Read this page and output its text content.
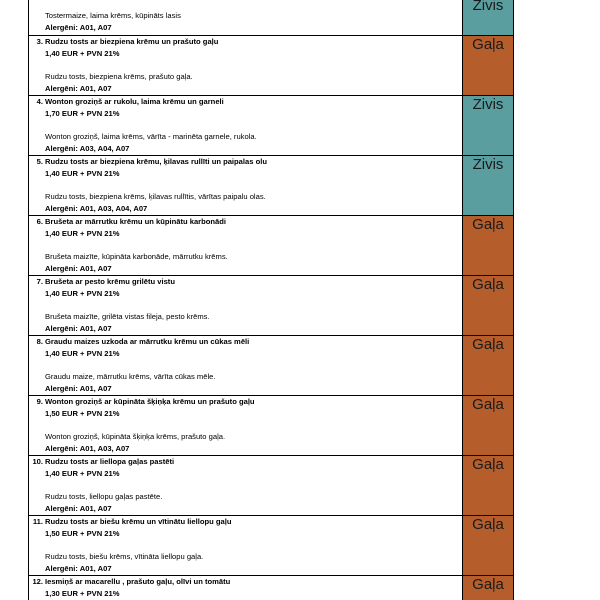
Tostermaize, laima krēms, kūpināts lasis
Alergēni: A01, A07	Zivis

3. Rudzu tosts ar biezpiena krēmu un prašuto gaļu
1,40 EUR + PVN 21%
Rudzu tosts, biezpiena krēms, prašuto gaļa.
Alergēni: A01, A07	Gaļa

4. Wonton groziņš ar rukolu, laima krēmu un garneli
1,70 EUR + PVN 21%
Wonton groziņš, laima krēms, vārīta - marinēta garnele, rukola.
Alergēni: A03, A04, A07	Zivis

5. Rudzu tosts ar biezpiena krēmu, ķilavas rullīti un paipalas olu
1,40 EUR + PVN 21%
Rudzu tosts, biezpiena krēms, ķilavas rullītis, vārītas paipalu olas.
Alergēni: A01, A03, A04, A07	Zivis

6. Brušeta ar mārrutku krēmu un kūpinātu karbonādi
1,40 EUR + PVN 21%
Brušeta maizīte, kūpināta karbonāde, mārrutku krēms.
Alergēni: A01, A07	Gaļa

7. Brušeta ar pesto krēmu grilētu vistu
1,40 EUR + PVN 21%
Brušeta maizīte, grilēta vistas fileja, pesto krēms.
Alergēni: A01, A07	Gaļa

8. Graudu maizes uzkoda ar mārrutku krēmu un cūkas mēli
1,40 EUR + PVN 21%
Graudu maize, mārrutku krēms, vārīta cūkas mēle.
Alergēni: A01, A07	Gaļa

9. Wonton groziņš ar kūpināta šķiņķa krēmu un prašuto gaļu
1,50 EUR + PVN 21%
Wonton groziņš, kūpināta šķiņķa krēms, prašuto gaļa.
Alergēni: A01, A03, A07	Gaļa

10. Rudzu tosts ar liellopa gaļas pastēti
1,40 EUR + PVN 21%
Rudzu tosts, liellopu gaļas pastēte.
Alergēni: A01, A07	Gaļa

11. Rudzu tosts ar biešu krēmu un vītinātu liellopu gaļu
1,50 EUR + PVN 21%
Rudzu tosts, biešu krēms, vītināta liellopu gaļa.
Alergēni: A01, A07	Gaļa

12. Iesmiņš ar macarellu , prašuto gaļu, olīvi un tomātu
1,30 EUR + PVN 21%	Gaļa
